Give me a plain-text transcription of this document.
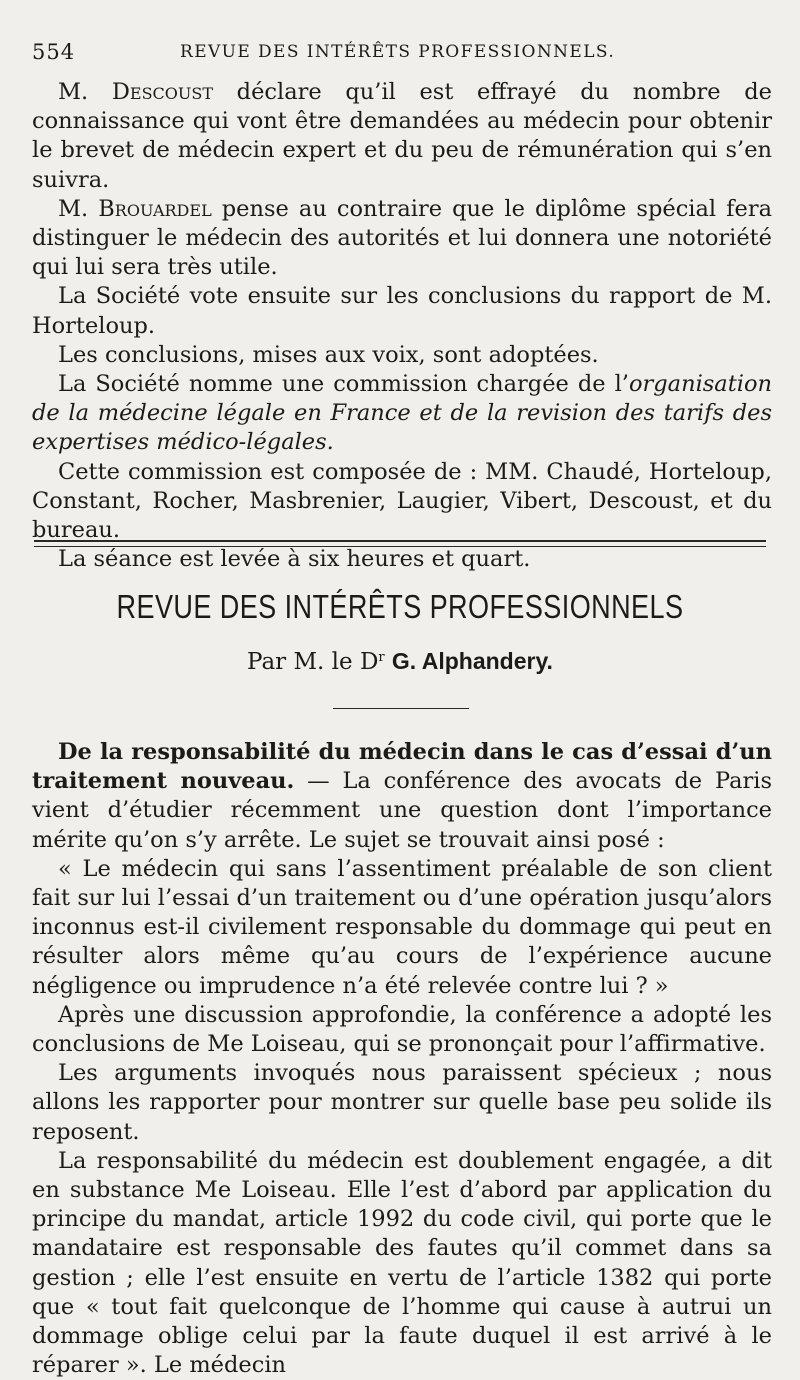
554	REVUE DES INTÉRÊTS PROFESSIONNELS.

M. Descoust déclare qu’il est effrayé du nombre de connaissance qui vont être demandées au médecin pour obtenir le brevet de médecin expert et du peu de rémunération qui s’en suivra.

M. Brouardel pense au contraire que le diplôme spécial fera distinguer le médecin des autorités et lui donnera une notoriété qui lui sera très utile.

La Société vote ensuite sur les conclusions du rapport de M. Horteloup.

Les conclusions, mises aux voix, sont adoptées.

La Société nomme une commission chargée de l’organisation de la médecine légale en France et de la revision des tarifs des expertises médico-légales.

Cette commission est composée de : MM. Chaudé, Horteloup, Constant, Rocher, Masbrenier, Laugier, Vibert, Descoust, et du bureau.

La séance est levée à six heures et quart.

REVUE DES INTÉRÊTS PROFESSIONNELS
Par M. le $D^r$ G. Alphandery.

De la responsabilité du médecin dans le cas d’essai d’un traitement nouveau. — La conférence des avocats de Paris vient d’étudier récemment une question dont l’importance mérite qu’on s’y arrête. Le sujet se trouvait ainsi posé :

« Le médecin qui sans l’assentiment préalable de son client fait sur lui l’essai d’un traitement ou d’une opération jusqu’alors inconnus est-il civilement responsable du dommage qui peut en résulter alors même qu’au cours de l’expérience aucune négligence ou imprudence n’a été relevée contre lui ? »

Après une discussion approfondie, la conférence a adopté les conclusions de Me Loiseau, qui se prononçait pour l’affirmative.

Les arguments invoqués nous paraissent spécieux ; nous allons les rapporter pour montrer sur quelle base peu solide ils reposent.

La responsabilité du médecin est doublement engagée, a dit en substance Me Loiseau. Elle l’est d’abord par application du principe du mandat, article 1992 du code civil, qui porte que le mandataire est responsable des fautes qu’il commet dans sa gestion ; elle l’est ensuite en vertu de l’article 1382 qui porte que « tout fait quelconque de l’homme qui cause à autrui un dommage oblige celui par la faute duquel il est arrivé à le réparer ». Le médecin
